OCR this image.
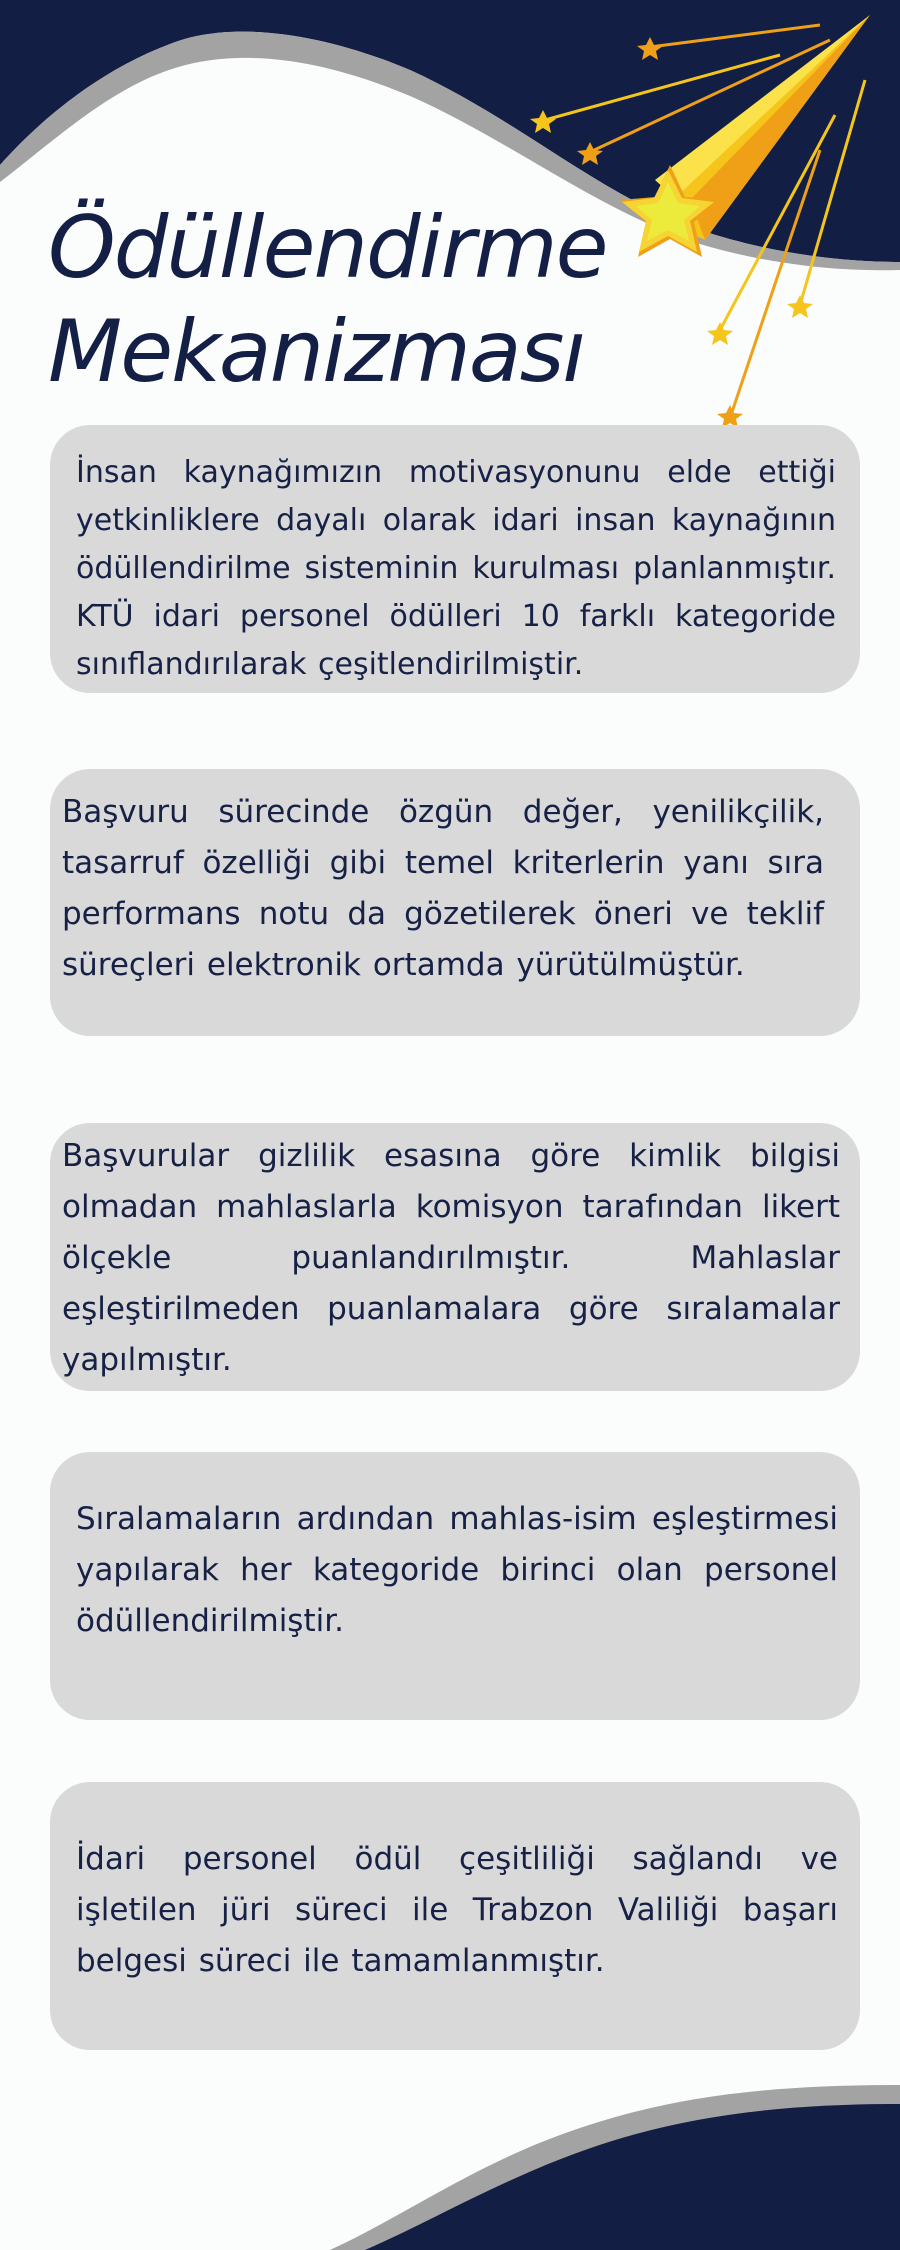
Ödüllendirme
Mekanizması

İnsan kaynağımızın motivasyonunu elde ettiği yetkinliklere dayalı olarak idari insan kaynağının ödüllendirilme sisteminin kurulması planlanmıştır. KTÜ idari personel ödülleri 10 farklı kategoride sınıflandırılarak çeşitlendirilmiştir.

Başvuru sürecinde özgün değer, yenilikçilik, tasarruf özelliği gibi temel kriterlerin yanı sıra performans notu da gözetilerek öneri ve teklif süreçleri elektronik ortamda yürütülmüştür.

Başvurular gizlilik esasına göre kimlik bilgisi olmadan mahlaslarla komisyon tarafından likert ölçekle puanlandırılmıştır. Mahlaslar eşleştirilmeden puanlamalara göre sıralamalar yapılmıştır.

Sıralamaların ardından mahlas-isim eşleştirmesi yapılarak her kategoride birinci olan personel ödüllendirilmiştir.

İdari personel ödül çeşitliliği sağlandı ve işletilen jüri süreci ile Trabzon Valiliği başarı belgesi süreci ile tamamlanmıştır.
